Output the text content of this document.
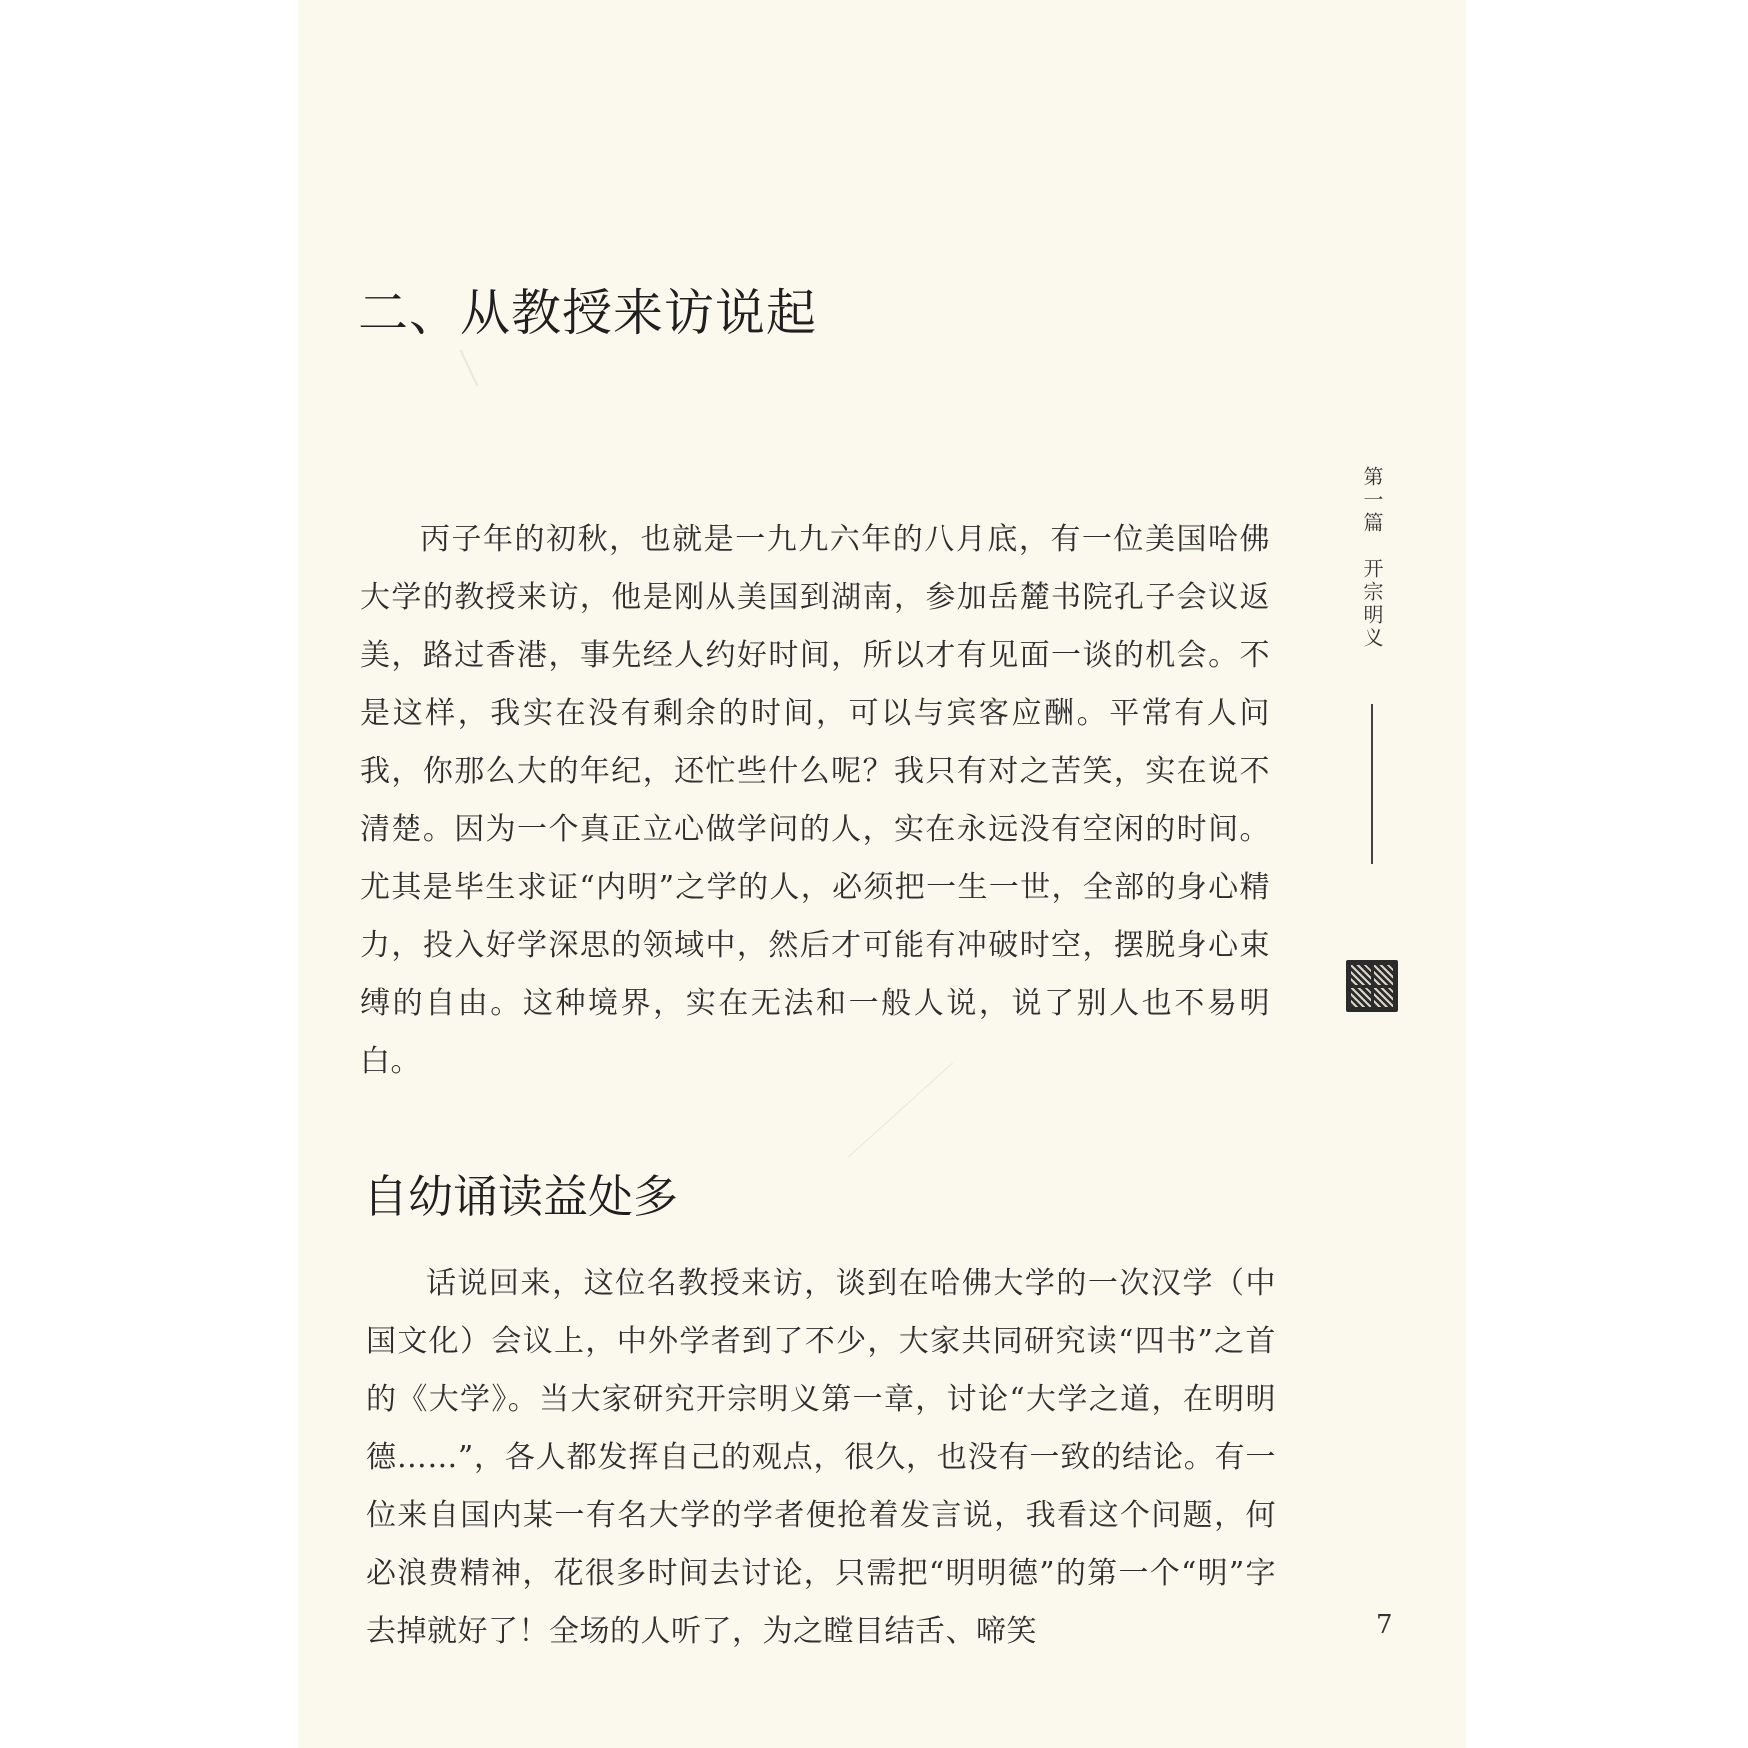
二、从教授来访说起

丙子年的初秋，也就是一九九六年的八月底，有一位美国哈佛大学的教授来访，他是刚从美国到湖南，参加岳麓书院孔子会议返美，路过香港，事先经人约好时间，所以才有见面一谈的机会。不是这样，我实在没有剩余的时间，可以与宾客应酬。平常有人问我，你那么大的年纪，还忙些什么呢？我只有对之苦笑，实在说不清楚。因为一个真正立心做学问的人，实在永远没有空闲的时间。尤其是毕生求证“内明”之学的人，必须把一生一世，全部的身心精力，投入好学深思的领域中，然后才可能有冲破时空，摆脱身心束缚的自由。这种境界，实在无法和一般人说，说了别人也不易明白。

自幼诵读益处多

话说回来，这位名教授来访，谈到在哈佛大学的一次汉学（中国文化）会议上，中外学者到了不少，大家共同研究读“四书”之首的《大学》。当大家研究开宗明义第一章，讨论“大学之道，在明明德……”，各人都发挥自己的观点，很久，也没有一致的结论。有一位来自国内某一有名大学的学者便抢着发言说，我看这个问题，何必浪费精神，花很多时间去讨论，只需把“明明德”的第一个“明”字去掉就好了！全场的人听了，为之瞠目结舌、啼笑

第一篇　开宗明义
7
